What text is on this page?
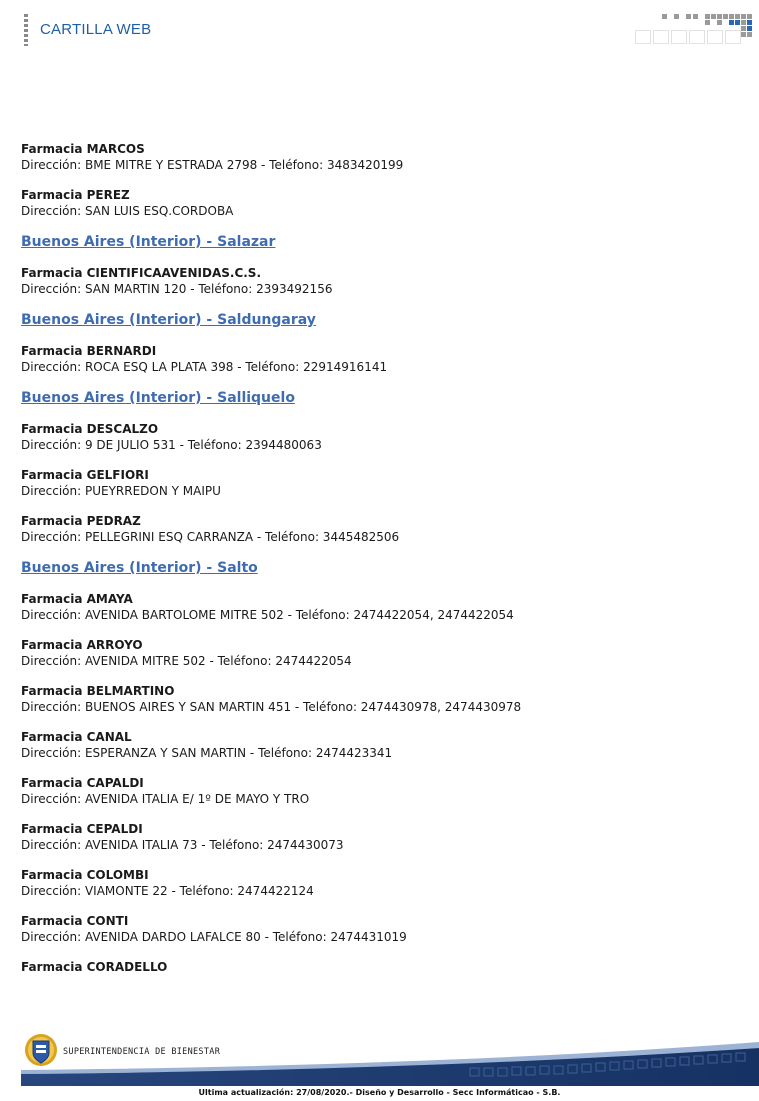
CARTILLA WEB
Farmacia MARCOS
Dirección: BME MITRE Y ESTRADA 2798 - Teléfono: 3483420199
Farmacia PEREZ
Dirección: SAN LUIS ESQ.CORDOBA
Buenos Aires (Interior) - Salazar
Farmacia CIENTIFICAAVENIDAS.C.S.
Dirección: SAN MARTIN 120 - Teléfono: 2393492156
Buenos Aires (Interior) - Saldungaray
Farmacia BERNARDI
Dirección: ROCA ESQ LA PLATA 398 - Teléfono: 22914916141
Buenos Aires (Interior) - Salliquelo
Farmacia DESCALZO
Dirección: 9 DE JULIO 531 - Teléfono: 2394480063
Farmacia GELFIORI
Dirección: PUEYRREDON Y MAIPU
Farmacia PEDRAZ
Dirección: PELLEGRINI ESQ CARRANZA - Teléfono: 3445482506
Buenos Aires (Interior) - Salto
Farmacia AMAYA
Dirección: AVENIDA BARTOLOME MITRE 502 - Teléfono: 2474422054, 2474422054
Farmacia ARROYO
Dirección: AVENIDA MITRE 502 - Teléfono: 2474422054
Farmacia BELMARTINO
Dirección: BUENOS AIRES Y SAN MARTIN 451 - Teléfono: 2474430978, 2474430978
Farmacia CANAL
Dirección: ESPERANZA Y SAN MARTIN - Teléfono: 2474423341
Farmacia CAPALDI
Dirección: AVENIDA ITALIA E/ 1º DE MAYO Y TRO
Farmacia CEPALDI
Dirección: AVENIDA ITALIA 73 - Teléfono: 2474430073
Farmacia COLOMBI
Dirección: VIAMONTE 22 - Teléfono: 2474422124
Farmacia CONTI
Dirección: AVENIDA DARDO LAFALCE 80 - Teléfono: 2474431019
Farmacia CORADELLO
SUPERINTENDENCIA DE BIENESTAR
Ultima actualización: 27/08/2020.- Diseño y Desarrollo - Secc Informáticao - S.B.
